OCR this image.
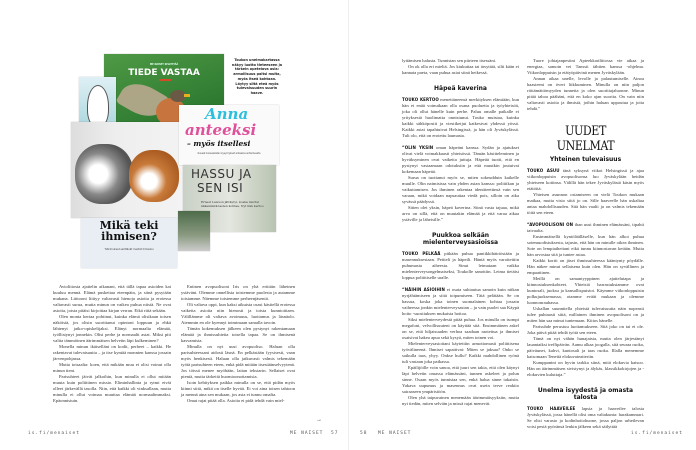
ME NAISET SELVITTÄÄ
TIEDE VASTAA
Anna
anteeksi
– myös itsellesi
Kuuset kansalaisten kysymykset anteeksi-antamisesta
HASSU JA
SEN ISI
Ernest Lawson jättäytyi, koska murtui näkemästä lasten kohtaa. Nyt hän kertoo
Mikä teki ihmisen?
Tutkimukset selittävät meidät ihmisiksi
Toukon unelmakartassa näkyy luotto tieteeseen ja tärkein opetelava asia: armollisuus paitsi muita, myös itseä kohtaan. Löytyy siitä eteä myös tulevaisuuden suurin haave.

Avioliitosta ajattelin aikanani, että tällä tapaa asioiden kai kuuluu mennä. Elämä puskettaa eteenpäin, ja siinä pysytään mukana. Liittooni liittyy valtavasti hienoja asioita ja erotessa valtavasti surua, mutta minun on vaikea puhua niistä. Ne ovat asioita, joista pitäisi kirjoittaa kirjan verran. Eikä riitä sekään.

Olen monta kertaa pohtinut, kuinka elämä olisikaan toisen näköistä, jos olisin suorittanut opintoni loppuun ja ehkä lähtenyt jatko-opiskelijaksi. Elänyt normaalia elämää, työllistynyt jonnekin. Olisi perhe ja normaalit asiat. Miksi piti valita tämmöinen äärimmäisen helvetin läpi kulkeminen?

Monella minun ikäiselläni on kodit, perheet – kaikki. He rakentavat tulevaisuutta – ja itse kyntää monnien kanssa jossain järvenpohjassa.

Mutta toisaalta: koen, että mikään muu ei olisi voinut olla minun tieni.

Parisuhteet jäivät jalkoihin, kun minulla ei ollut mitään muuta kuin poliittinen missio. Eliminhallinta ja rytmi eivät olleet järkevällä tasolla. Niin, että kaikki oli vinksallaan, mutta minulla ei ollut voimaa muuttaa elämää normaalimmaksi. Epäonnistuin.

Entinen avopuolisoni Iris on yhä erittäin läheinen ystäväni. Olemme onnellisia toistemme puolesta ja autamme toisiamme. Näemme toistemme perheenjäseniä.

Oli valtava oppi, kun kaksi aikuista osasi käsitellä erotessa vaikeita asioita niin hienosti ja toista kunnioittaen. Välillämme oli valtava avoimuus, luottamus ja läsnäolo. Aiemmin en ole kyennyt toimimaan samalla tavoin.

Tämän kokemuksen jälkeen olen pystynyt rakentamaan elämää ja ihmissuhteita toisella tapaa. Se on ihmisenä kasvamista.

Minulla on nyt uusi avopuoliso. Haluan olla parisuhteessani aidosti läsnä. En pelkästään fyysisesti, vaan myös henkisesti. Haluan olla jatkuvasti valmis tekemään työtä parisuhteen eteen, enkä pidä mitään itsestäänselvyytenä. Jos töissä menee myöhään, laitan tekstarin. Sellaiset ovat pieniä, mutta tärkeitä huomioonottamisia.

Isoin kehityksen paikka minulla on se, että pidän myös kiinni siitä, mikä on itselle hyvää. Ei voi aina toisen tahtoon ja mennä aina sen mukaan, jos asia ei tunnu omalta.

Omat rajat pitää olla. Asioita ei pidä tehdä vain miel-

→
is.fi/menaiset	ME NAISET 57

lyttämisen halusta. Tunnistan sen piirteen itsessäni.

On ok olla eri mieltä. Jos kiukuttaa tai ärsyttää, silti kään ei kannata paeta, vaan puhua asiat siinä hetkessä.

Häpeä kaverina

TOUKO KERTOO menettäneensä merkityksen elämiään, kun hän ei enää voinutkaan olla osana puoluetta ja työyhteisöä, joka oli ollut hänelle kuin perhe. Paluu omalle paikalle ei yrityksestä huolimatta onnistunut. Touko muistaa, kuinka kaikki sähköpostit ja viestiketjut katkesivat yhdessä yössä. Kaikki asiat tapahtuivat Helsingissä, ja hän oli Jyväskylässä. Tuli olo, että on erotettu laumasta.

“OLIN YKSIN oman häpeäni kanssa. Sydän ja ajatukset olivat vielä voimakkaasti yhteisössä. Tämän käsitteleminen ja hyväksyminen ovat vaikeita juttuja. Häpeää tuotti, että en pystynyt vastaamaan odotuksiin ja että muutkin joutuivat kokemaan häpeää.

Surua on tuottanut myös se, miten sokeudduin kaikelle muulle. Olin naimisissa vain yhden asian kanssa: politiikan ja vaikuttamisen. Jos ihminen rakentaa identiteettinsä vain sen varaan, mikä voidaan napsauttaa viedä pois, silloin on aika syvässä päädyssä.

Sitten olet yksin, häpeä kaverina. Siinä vasta tajuaa, mikä arvo on sillä, että on muutakin elämää ja että varaa aikaa ystäville ja läheisille.”

Puukkoa selkään mielenterveysasioissa

TOUKO PELKÄÄ pitkään puhua paniikkihäiriöstään ja masennuksestaan. Peitteli ja häpeili. Häntä myös varoitettiin puhumasta aiheesta. Sinut leimataan vaikka mielenterveysongelmaiseksi, Toukolle sanottiin. Leima tietäisi loppua poliittiselle uralle.

“NÄIHIN ASIOIHIN ei osata suhtautua samoin kuin niikan nyrjähtämiseen ja siitä toipumiseen. Tätä pelätään. Se on hassua, koska joka toinen suomalainen kohtaa jossain vaiheessa jonkin mielenterveysasian – ja vain puolet saa Käypä hoito -suosituksen mukaista hoitoa.

Siksi mielenterveydestä pitää puhua. Jos minulla on isompi megafoni, velvollisuuteni on käyttää sitä. Ensimmäinen askel on se, että hiljaisuuden verhoa saadaan raotettua ja ihmiset osaisivat hakea apua sekä kysyä, miten toinen voi.

Mielenterveysasioitani käytettiin armottomasti poliittisena työvälineenä. Ihmiset sapattivat: Miten se jaksaa? Onko se saikulla taas, yhyy. Onkse hullu? Kaikki mahdollinen ryönä tuli vastaan joka paikassa.

Epäilijöille voin sanoa, että juuri sen takia, että olen käynyt läpi helvetin omassa elämässäni, tunnen askeleet ja polun sinne. Osaan myös tunnistaa sen, enkä halua sinne takaisin. Yakava uupumus ja masennus ovat usein terve reaktio sairaaseen ympäristöön.

Olen yhä taipuvainen menemään äärimmäisyyksiin, mutta nyt tiedän, miten selviän ja missä rajat menevät.

Tuore johtajanpestini Apteekkariliitossa vie aikaa ja energiaa, samoin vei Tanssii tähtien kanssa -ohjelma. Viikonloppuisin ja etätyöpäivinä menen Jyväskylään.

Annan aikaa unelle, levolle ja palautumiselle. Ainoa haasteeni on överi liikkuminen. Minulla on niin paljon riittämättömyyden tunnetta ja olen suorittajaluonne. Minun pitää tahoa päähäni, että en koko ajan suorita. On vain niin valtavasti asioita ja ihmisiä, joihin haluan uppoutua ja joita tehdä.”

UUDET UNELMAT
Yhteinen tulevaisuus

TOUKO ASUU tänä syksynä viikot Helsingissä ja ajaa viikonloppuisin avopuolisonsa luo Jyväskylään heidän yhteiseen kotiinsa. Välillä hän tekee Jyväskylästä käsin myös etätöitä.

Yhteisen asunnon ostamiseen on vielä Toukon mukaan matkaa, mutta visio siitä jo on. Sille haaveelle hän uskaltaa antaa mahdollisuuden. Sitä hän vaalii ja on valmis tekemään töitä sen eteen.

“AVOPUOLISONI ON ihan uusi ihminen elämässäni, tipahti taivaalta.

Ensimmäisellä kyntöläälläselle, kun hän alkoi puhua sotemuodistuksesta, tajusin, että hän on minulle oikea ihminen. Sote on lempiaiheitani eikä tunnu kiinnostavan ketään. Mutta hän arvostaa sitä ja tuntee asiaa.

Kaikki kortit on jäsei ihmissuhteessa kääntynty pöydälle. Hän näkee minut sellaisena kuin olen. Hän on syvällinen ja empaattinen.

Meillä on samantyyppinen ajattelutapa ja kiinnostuksenkohteet. Yhteisiä harrastuksiamme ovat kuntosali, juoksu ja kansallispuistot. Käymme viikonloppuisin polkujuoksemassa, otamme eväät mukaan ja olemme luonnonrauhassa.

Uskallan suunnitella yhteistä tulevaisuutta näin nopeasti tulee puhtaasti siitä, millainen ihminen avopuolisoni on ja miten hän saa minut tuntemaan. Kiitos hänelle.

Parisuhde perustuu luottamukseen. Sitä joko on tai ei ole. Joka päivä pitää tehdä työtä sen eteen.

Tämä on nyt vähän hunajaista, mutta olen järjestänyt lauantaiksi treffipäivän. Aamu alkaa joogalla, sitä seuraa ruoka, päiväunet, kahvi, kuntosali ja taas ruoka. Illalla menemme katsomaan Tenetiä elokuvateatteriin.

Kumppanini on hyvin tarkka siinä, mitä elokuvia katsoo. Hän on äärimmäisen sivistynyt ja älykäs, klassikkokirjojen ja -elokuvien kuluttaja.”

Unelma isyydestä ja omasta talosta

TOUKO HAAVEILEE lapsia ja haaveilee talosta Jyväskylässä, jossa hänellä olisi oma valtakunta: harakammari. Se olisi varasto ja kodinhoitohuone, jossa paljon urheilevan voisi pestä pyöränsä lenkin jälkeen sekä säilyttää

58 ME NAISET	is.fi/menaiset
